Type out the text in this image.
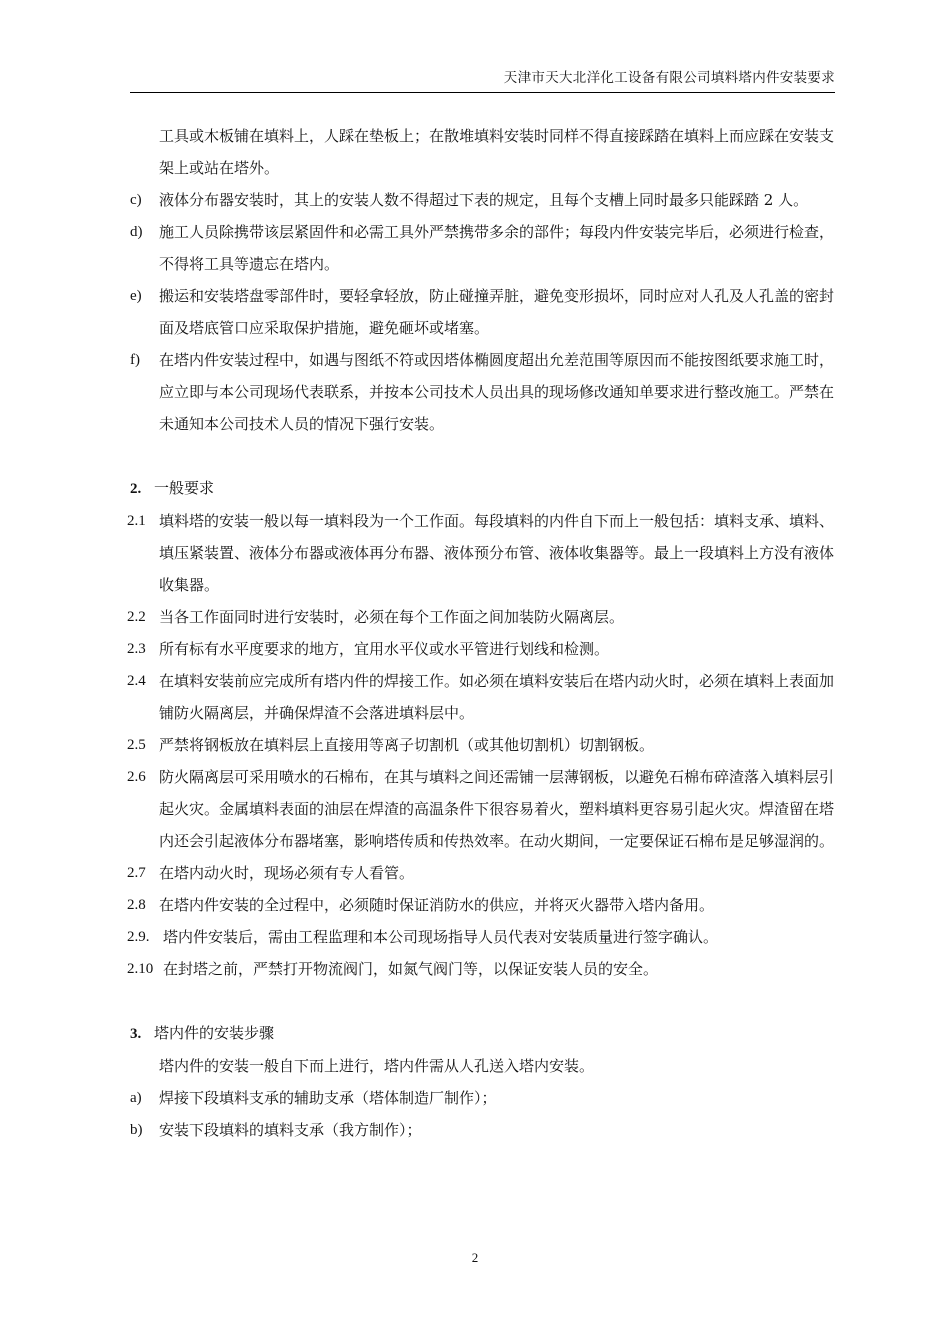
天津市天大北洋化工设备有限公司填料塔内件安装要求
工具或木板铺在填料上，人踩在垫板上；在散堆填料安装时同样不得直接踩踏在填料上而应踩在安装支架上或站在塔外。
c) 液体分布器安装时，其上的安装人数不得超过下表的规定，且每个支槽上同时最多只能踩踏 2 人。
d) 施工人员除携带该层紧固件和必需工具外严禁携带多余的部件；每段内件安装完毕后，必须进行检查，不得将工具等遗忘在塔内。
e) 搬运和安装塔盘零部件时，要轻拿轻放，防止碰撞弄脏，避免变形损坏，同时应对人孔及人孔盖的密封面及塔底管口应采取保护措施，避免砸坏或堵塞。
f) 在塔内件安装过程中，如遇与图纸不符或因塔体椭圆度超出允差范围等原因而不能按图纸要求施工时，应立即与本公司现场代表联系，并按本公司技术人员出具的现场修改通知单要求进行整改施工。严禁在未通知本公司技术人员的情况下强行安装。
2. 一般要求
2.1 填料塔的安装一般以每一填料段为一个工作面。每段填料的内件自下而上一般包括：填料支承、填料、填压紧装置、液体分布器或液体再分布器、液体预分布管、液体收集器等。最上一段填料上方没有液体收集器。
2.2 当各工作面同时进行安装时，必须在每个工作面之间加装防火隔离层。
2.3 所有标有水平度要求的地方，宜用水平仪或水平管进行划线和检测。
2.4 在填料安装前应完成所有塔内件的焊接工作。如必须在填料安装后在塔内动火时，必须在填料上表面加铺防火隔离层，并确保焊渣不会落进填料层中。
2.5 严禁将钢板放在填料层上直接用等离子切割机（或其他切割机）切割钢板。
2.6 防火隔离层可采用喷水的石棉布，在其与填料之间还需铺一层薄钢板，以避免石棉布碎渣落入填料层引起火灾。金属填料表面的油层在焊渣的高温条件下很容易着火，塑料填料更容易引起火灾。焊渣留在塔内还会引起液体分布器堵塞，影响塔传质和传热效率。在动火期间，一定要保证石棉布是足够湿润的。
2.7 在塔内动火时，现场必须有专人看管。
2.8 在塔内件安装的全过程中，必须随时保证消防水的供应，并将灭火器带入塔内备用。
2.9. 塔内件安装后，需由工程监理和本公司现场指导人员代表对安装质量进行签字确认。
2.10 在封塔之前，严禁打开物流阀门，如氮气阀门等，以保证安装人员的安全。
3. 塔内件的安装步骤
塔内件的安装一般自下而上进行，塔内件需从人孔送入塔内安装。
a) 焊接下段填料支承的辅助支承（塔体制造厂制作）；
b) 安装下段填料的填料支承（我方制作）；
2
